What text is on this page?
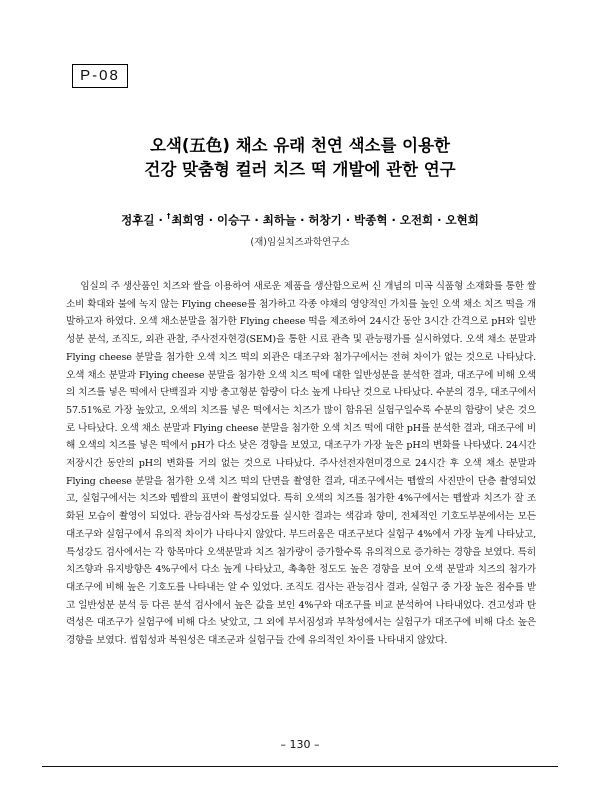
P-08
오색(五色) 채소 유래 천연 색소를 이용한
건강 맞춤형 컬러 치즈 떡 개발에 관한 연구
정후길 · †최희영 · 이승구 · 최하늘 · 허창기 · 박종혁 · 오전희 · 오현희
(재)임실치즈과학연구소
임실의 주 생산품인 치즈와 쌀을 이용하여 새로운 제품을 생산함으로써 신 개념의 미곡 식품형 소재화를 통한 쌀 소비 확대와 불에 녹지 않는 Flying cheese를 첨가하고 각종 야채의 영양적인 가치를 높인 오색 채소 치즈 떡을 개발하고자 하였다. 오색 채소분말을 첨가한 Flying cheese 떡을 제조하여 24시간 동안 3시간 간격으로 pH와 일반성분 분석, 조직도, 외관 관찰, 주사전자현경(SEM)을 통한 시료 관측 및 관능평가를 실시하였다. 오색 채소 분말과 Flying cheese 분말을 첨가한 오색 치즈 떡의 외관은 대조구와 첨가구에서는 전혀 차이가 없는 것으로 나타났다. 오색 채소 분말과 Flying cheese 분말을 첨가한 오색 치즈 떡에 대한 일반성분을 분석한 결과, 대조구에 비해 오색의 치즈를 넣은 떡에서 단백질과 지방 총고형분 함량이 다소 높게 나타난 것으로 나타났다. 수분의 경우, 대조구에서 57.51%로 가장 높았고, 오색의 치즈를 넣은 떡에서는 치즈가 많이 함유된 실험구일수록 수분의 함량이 낮은 것으로 나타났다. 오색 채소 분말과 Flying cheese 분말을 첨가한 오색 치즈 떡에 대한 pH를 분석한 결과, 대조구에 비해 오색의 치즈를 넣은 떡에서 pH가 다소 낮은 경향을 보였고, 대조구가 가장 높은 pH의 변화를 나타냈다. 24시간 저장시간 동안의 pH의 변화를 거의 없는 것으로 나타났다. 주사선전자현미경으로 24시간 후 오색 채소 분말과 Flying cheese 분말을 첨가한 오색 치즈 떡의 단면을 촬영한 결과, 대조구에서는 뗍쌀의 사진만이 단층 촬영되었고, 실험구에서는 치즈와 뗍쌀의 표면이 촬영되었다. 특히 오색의 치즈를 첨가한 4%구에서는 뗍쌀과 치즈가 잘 조화된 모습이 촬영이 되었다. 관능검사와 특성강도를 실시한 결과는 색감과 향미, 전체적인 기호도부분에서는 모든 대조구와 실험구에서 유의적 차이가 나타나지 않았다. 부드러움은 대조구보다 실험구 4%에서 가장 높게 나타났고, 특성강도 검사에서는 각 항목마다 오색분말과 치즈 첨가량이 증가할수록 유의적으로 증가하는 경향을 보였다. 특히 치즈향과 유지방향은 4%구에서 다소 높게 나타났고, 촉촉한 정도도 높은 경향을 보여 오색 분말과 치즈의 첨가가 대조구에 비해 높은 기호도를 나타내는 알 수 있었다. 조직도 검사는 관능검사 결과, 실험구 중 가장 높은 점수를 받고 일반성분 분석 등 다른 분석 검사에서 높은 값을 보인 4%구와 대조구를 비교 분석하여 나타내었다. 견고성과 탄력성은 대조구가 실험구에 비해 다소 낮았고, 그 외에 부서짐성과 부착성에서는 실험구가 대조구에 비해 다소 높은 경향을 보였다. 씹힘성과 복원성은 대조군과 실험구들 간에 유의적인 차이를 나타내지 않았다.
– 130 –
